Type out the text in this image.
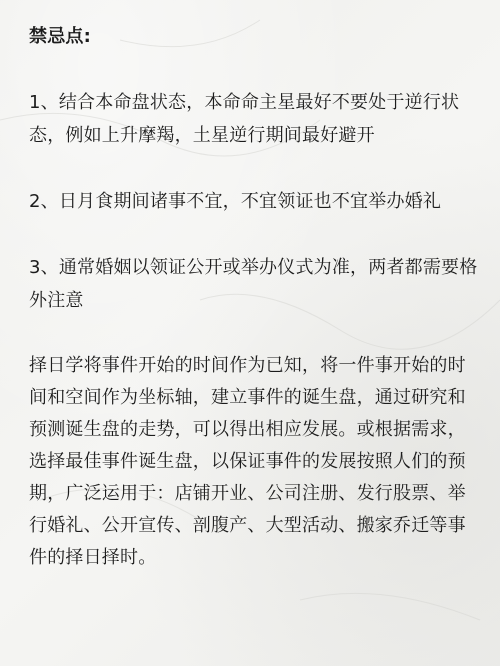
禁忌点:
1、结合本命盘状态，本命命主星最好不要处于逆行状态，例如上升摩羯，土星逆行期间最好避开
2、日月食期间诸事不宜，不宜领证也不宜举办婚礼
3、通常婚姻以领证公开或举办仪式为准，两者都需要格外注意
择日学将事件开始的时间作为已知，将一件事开始的时间和空间作为坐标轴，建立事件的诞生盘，通过研究和预测诞生盘的走势，可以得出相应发展。或根据需求，选择最佳事件诞生盘，以保证事件的发展按照人们的预期，广泛运用于：店铺开业、公司注册、发行股票、举行婚礼、公开宣传、剖腹产、大型活动、搬家乔迁等事件的择日择时。
